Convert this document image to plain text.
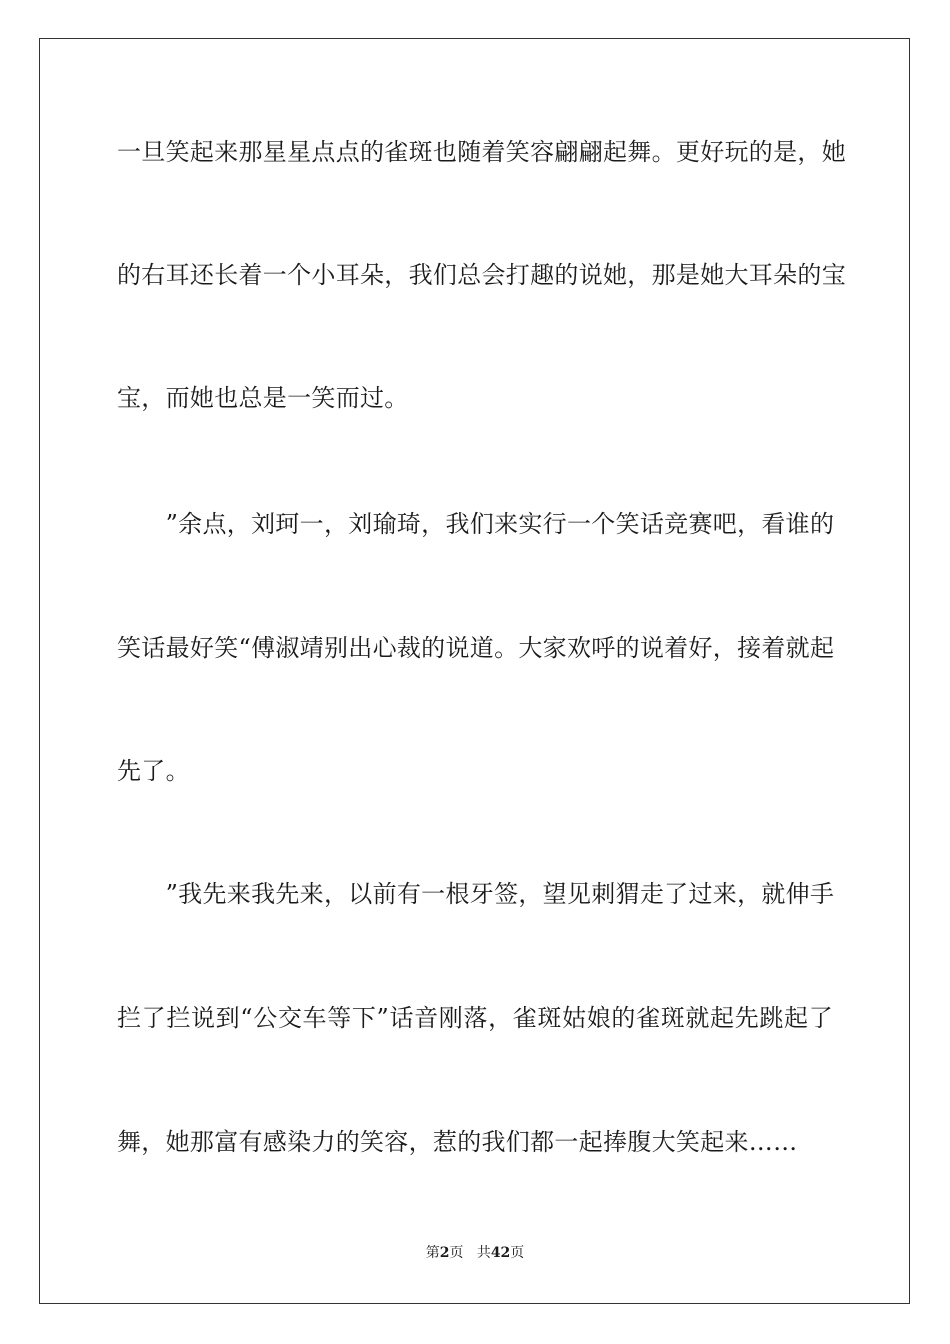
一旦笑起来那星星点点的雀斑也随着笑容翩翩起舞。更好玩的是，她
的右耳还长着一个小耳朵，我们总会打趣的说她，那是她大耳朵的宝
宝，而她也总是一笑而过。
　　”余点，刘珂一，刘瑜琦，我们来实行一个笑话竞赛吧，看谁的
笑话最好笑“傅淑靖别出心裁的说道。大家欢呼的说着好，接着就起
先了。
　　”我先来我先来，以前有一根牙签，望见刺猬走了过来，就伸手
拦了拦说到“公交车等下”话音刚落，雀斑姑娘的雀斑就起先跳起了
舞，她那富有感染力的笑容，惹的我们都一起捧腹大笑起来……
第2页 共42页
